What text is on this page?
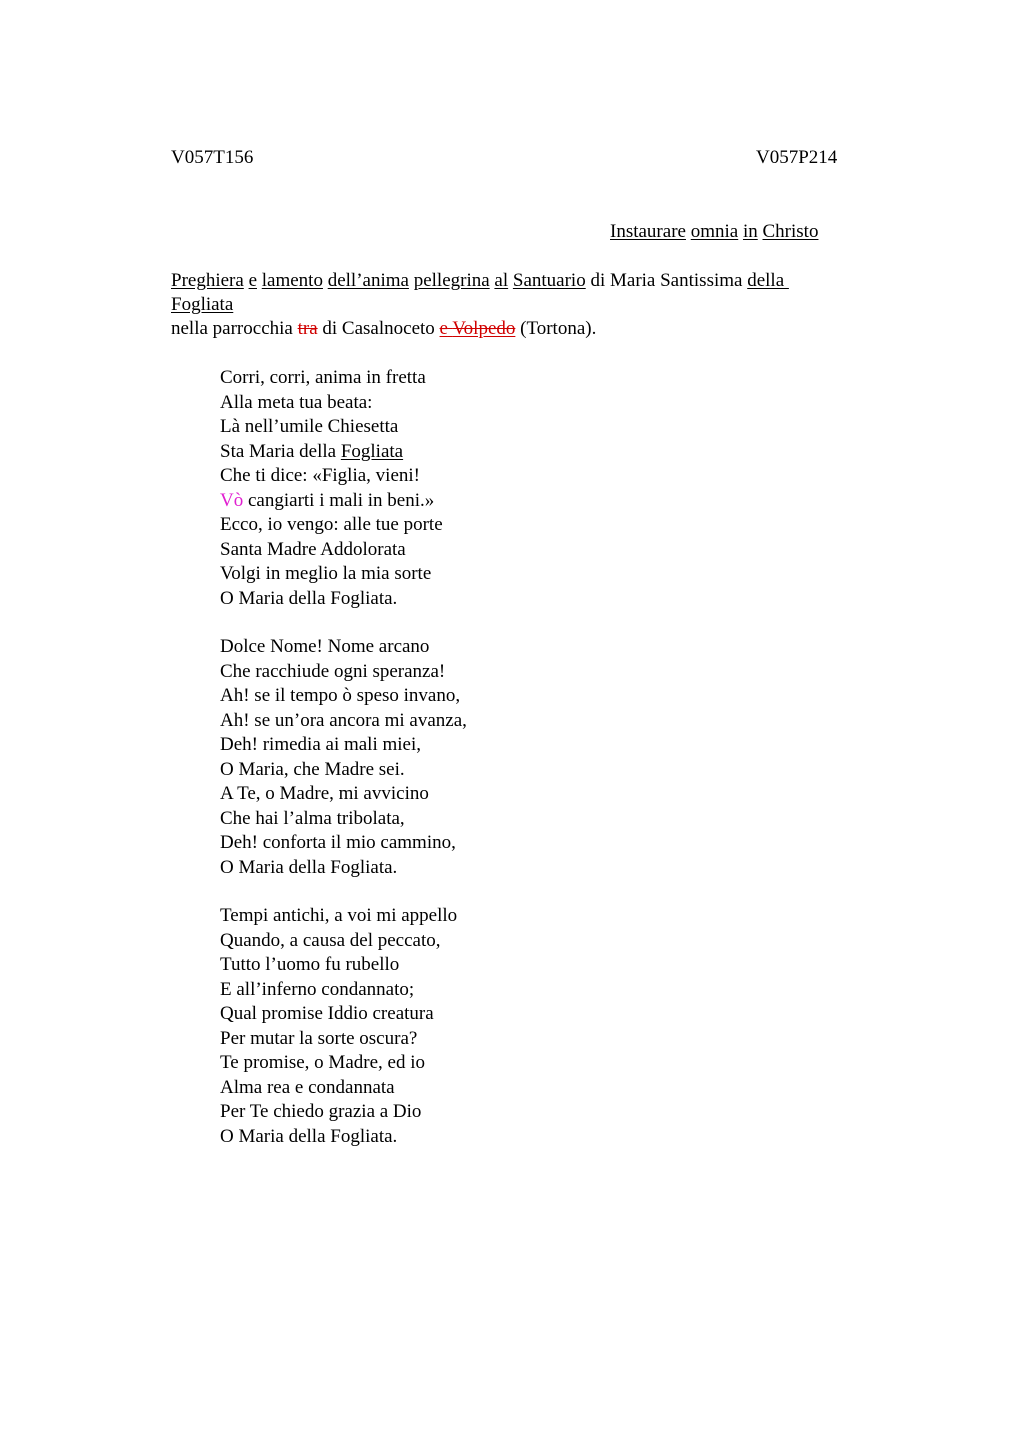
V057T156	V057P214
Instaurare omnia in Christo
Preghiera e lamento dell’anima pellegrina al Santuario di Maria Santissima della
Fogliata
nella parrocchia tra di Casalnoceto e Volpedo (Tortona).
Corri, corri, anima in fretta
Alla meta tua beata:
Là nell’umile Chiesetta
Sta Maria della Fogliata
Che ti dice: «Figlia, vieni!
Vò cangiarti i mali in beni.»
Ecco, io vengo: alle tue porte
Santa Madre Addolorata
Volgi in meglio la mia sorte
O Maria della Fogliata.
Dolce Nome! Nome arcano
Che racchiude ogni speranza!
Ah! se il tempo ò speso invano,
Ah! se un’ora ancora mi avanza,
Deh! rimedia ai mali miei,
O Maria, che Madre sei.
A Te, o Madre, mi avvicino
Che hai l’alma tribolata,
Deh! conforta il mio cammino,
O Maria della Fogliata.
Tempi antichi, a voi mi appello
Quando, a causa del peccato,
Tutto l’uomo fu rubello
E all’inferno condannato;
Qual promise Iddio creatura
Per mutar la sorte oscura?
Te promise, o Madre, ed io
Alma rea e condannata
Per Te chiedo grazia a Dio
O Maria della Fogliata.
